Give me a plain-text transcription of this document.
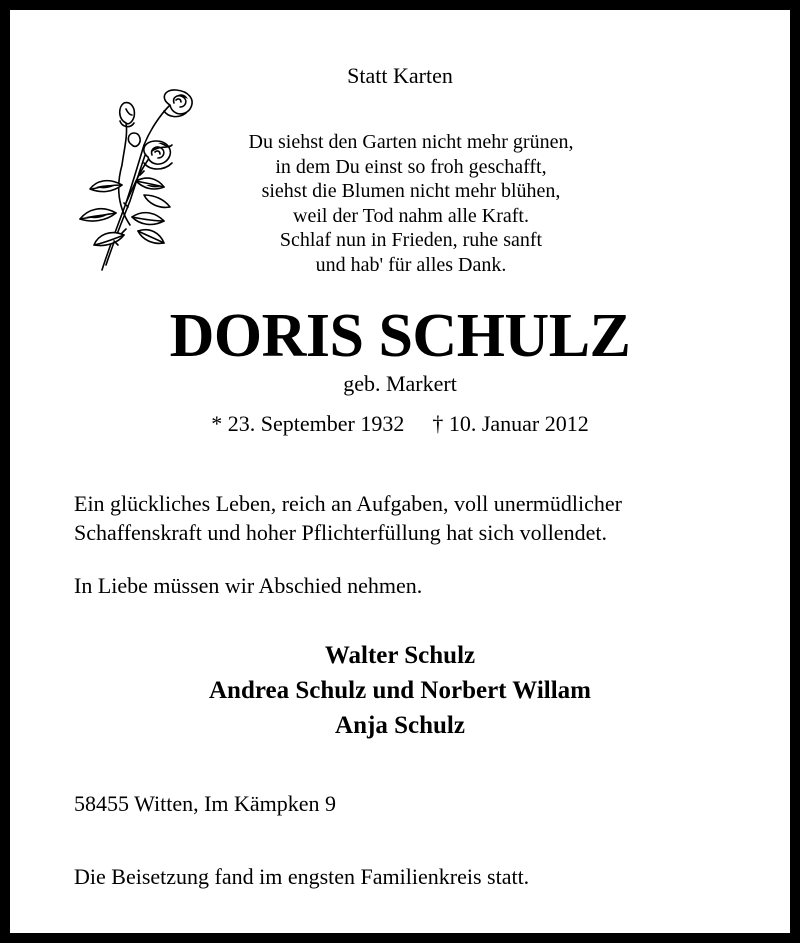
Statt Karten
Du siehst den Garten nicht mehr grünen,
in dem Du einst so froh geschafft,
siehst die Blumen nicht mehr blühen,
weil der Tod nahm alle Kraft.
Schlaf nun in Frieden, ruhe sanft
und hab' für alles Dank.
DORIS SCHULZ
geb. Markert
* 23. September 1932 † 10. Januar 2012
Ein glückliches Leben, reich an Aufgaben, voll unermüdlicher
Schaffenskraft und hoher Pflichterfüllung hat sich vollendet.
In Liebe müssen wir Abschied nehmen.
Walter Schulz
Andrea Schulz und Norbert Willam
Anja Schulz
58455 Witten, Im Kämpken 9
Die Beisetzung fand im engsten Familienkreis statt.
